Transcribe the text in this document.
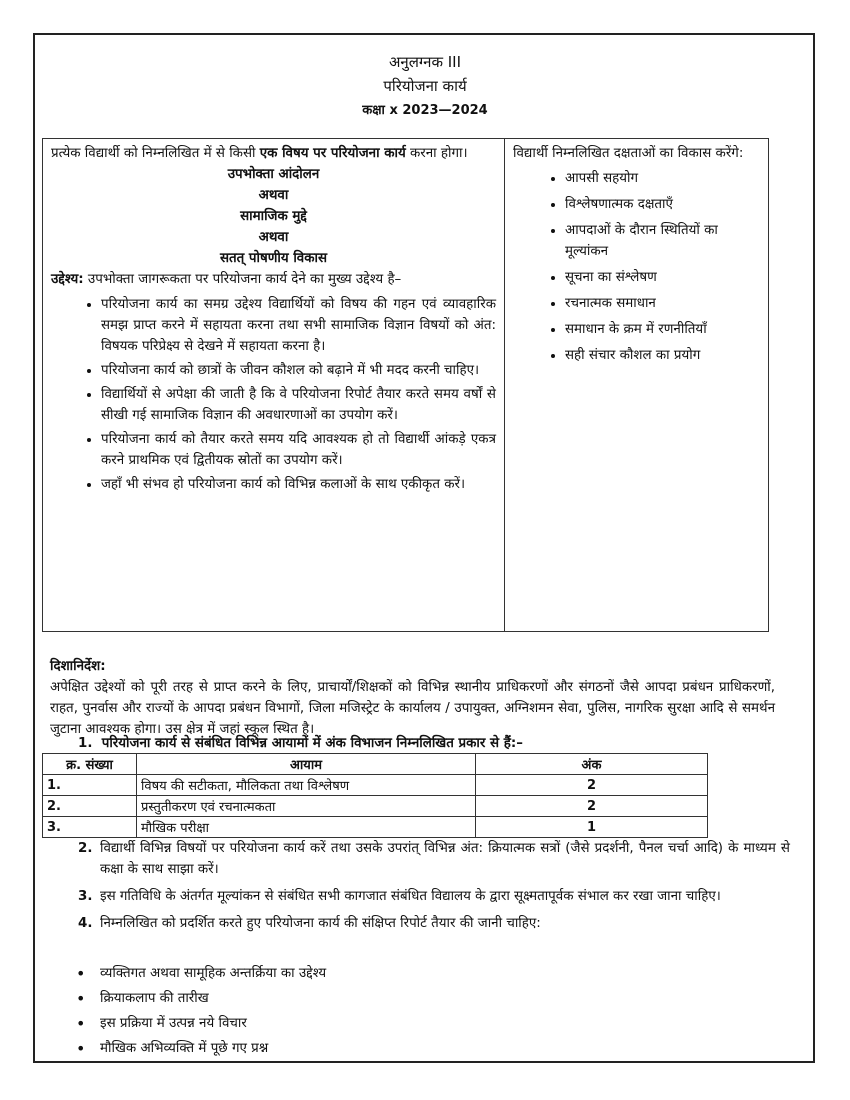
अनुलग्नक III
परियोजना कार्य
कक्षा x 2023—2024
प्रत्येक विद्यार्थी को निम्नलिखित में से किसी एक विषय पर परियोजना कार्य करना होगा।
उपभोक्ता आंदोलन
अथवा
सामाजिक मुद्दे
अथवा
सतत् पोषणीय विकास
उद्देश्य: उपभोक्ता जागरूकता पर परियोजना कार्य देने का मुख्य उद्देश्य है–
• परियोजना कार्य का समग्र उद्देश्य विद्यार्थियों को विषय की गहन एवं व्यावहारिक समझ प्राप्त करने में सहायता करना तथा सभी सामाजिक विज्ञान विषयों को अंत: विषयक परिप्रेक्ष्य से देखने में सहायता करना है।
• परियोजना कार्य को छात्रों के जीवन कौशल को बढ़ाने में भी मदद करनी चाहिए।
• विद्यार्थियों से अपेक्षा की जाती है कि वे परियोजना रिपोर्ट तैयार करते समय वर्षों से सीखी गई सामाजिक विज्ञान की अवधारणाओं का उपयोग करें।
• परियोजना कार्य को तैयार करते समय यदि आवश्यक हो तो विद्यार्थी आंकड़े एकत्र करने प्राथमिक एवं द्वितीयक स्रोतों का उपयोग करें।
• जहाँ भी संभव हो परियोजना कार्य को विभिन्न कलाओं के साथ एकीकृत करें।

विद्यार्थी निम्नलिखित दक्षताओं का विकास करेंगे:
• आपसी सहयोग
• विश्लेषणात्मक दक्षताएँ
• आपदाओं के दौरान स्थितियों का मूल्यांकन
• सूचना का संश्लेषण
• रचनात्मक समाधान
• समाधान के क्रम में रणनीतियाँ
• सही संचार कौशल का प्रयोग
दिशानिर्देश:
अपेक्षित उद्देश्यों को पूरी तरह से प्राप्त करने के लिए, प्राचार्यों/शिक्षकों को विभिन्न स्थानीय प्राधिकरणों और संगठनों जैसे आपदा प्रबंधन प्राधिकरणों, राहत, पुनर्वास और राज्यों के आपदा प्रबंधन विभागों, जिला मजिस्ट्रेट के कार्यालय / उपायुक्त, अग्निशमन सेवा, पुलिस, नागरिक सुरक्षा आदि से समर्थन जुटाना आवश्यक होगा। उस क्षेत्र में जहां स्कूल स्थित है।
1. परियोजना कार्य से संबंधित विभिन्न आयामों में अंक विभाजन निम्नलिखित प्रकार से हैं:–
क्र. संख्या	आयाम	अंक
1.	विषय की सटीकता, मौलिकता तथा विश्लेषण	2
2.	प्रस्तुतीकरण एवं रचनात्मकता	2
3.	मौखिक परीक्षा	1
2. विद्यार्थी विभिन्न विषयों पर परियोजना कार्य करें तथा उसके उपरांत् विभिन्न अंत: क्रियात्मक सत्रों (जैसे प्रदर्शनी, पैनल चर्चा आदि) के माध्यम से कक्षा के साथ साझा करें।
3. इस गतिविधि के अंतर्गत मूल्यांकन से संबंधित सभी कागजात संबंधित विद्यालय के द्वारा सूक्ष्मतापूर्वक संभाल कर रखा जाना चाहिए।
4. निम्नलिखित को प्रदर्शित करते हुए परियोजना कार्य की संक्षिप्त रिपोर्ट तैयार की जानी चाहिए:
• व्यक्तिगत अथवा सामूहिक अन्तर्क्रिया का उद्देश्य
• क्रियाकलाप की तारीख
• इस प्रक्रिया में उत्पन्न नये विचार
• मौखिक अभिव्यक्ति में पूछे गए प्रश्न
